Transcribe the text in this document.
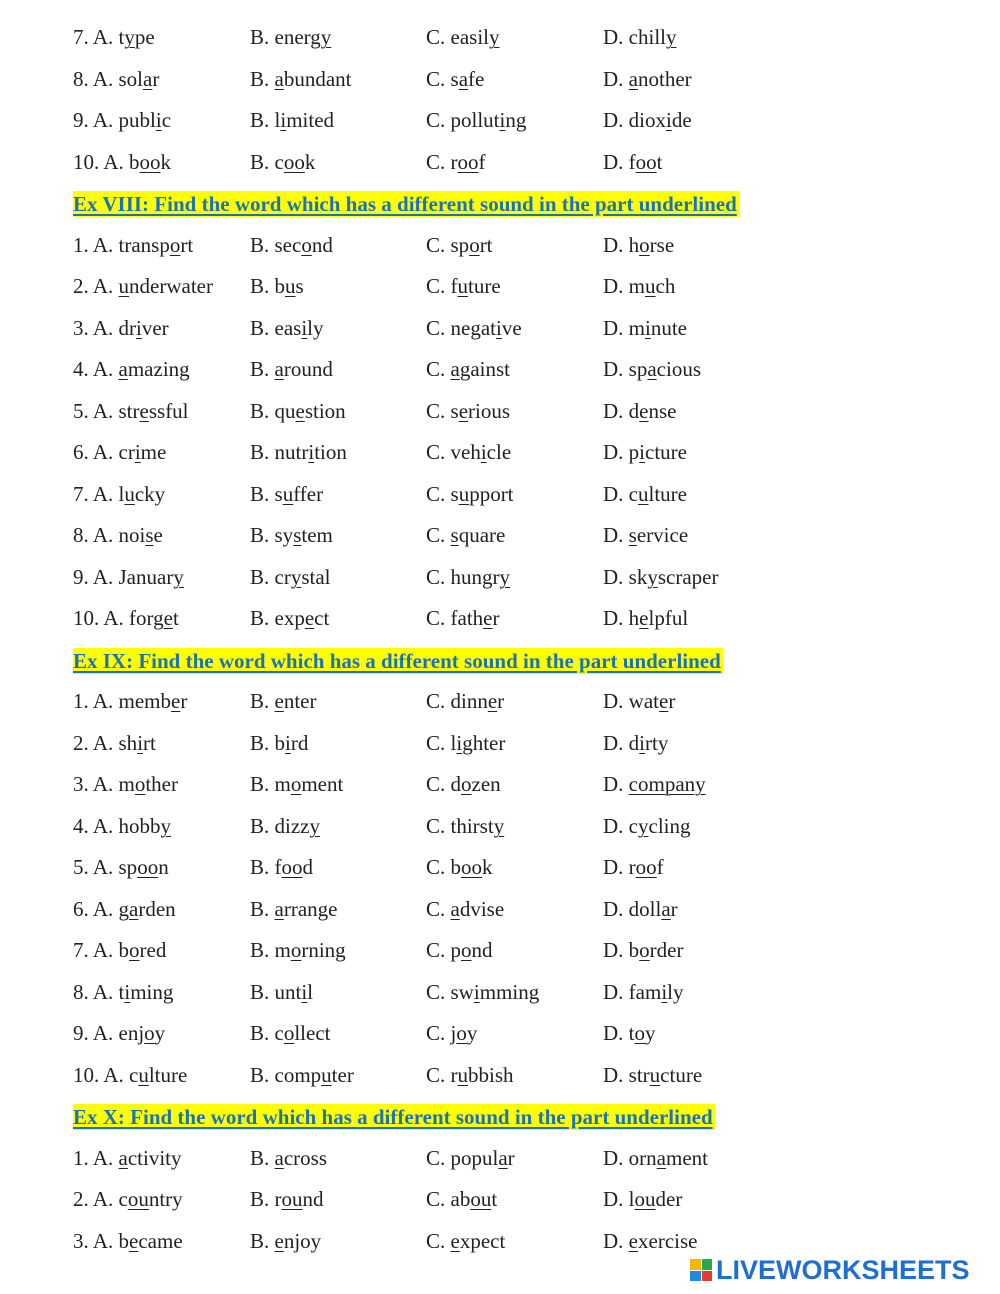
7. A. type	B. energy	C. easily	D. chilly
8. A. solar	B. abundant	C. safe	D. another
9. A. public	B. limited	C. polluting	D. dioxide
10. A. book	B. cook	C. roof	D. foot
Ex VIII: Find the word which has a different sound in the part underlined
1. A. transport	B. second	C. sport	D. horse
2. A. underwater B. bus	C. future	D. much
3. A. driver	B. easily	C. negative	D. minute
4. A. amazing	B. around	C. against	D. spacious
5. A. stressful	B. question	C. serious	D. dense
6. A. crime	B. nutrition	C. vehicle	D. picture
7. A. lucky	B. suffer	C. support	D. culture
8. A. noise	B. system	C. square	D. service
9. A. January	B. crystal	C. hungry	D. skyscraper
10. A. forget	B. expect	C. father	D. helpful
Ex IX: Find the word which has a different sound in the part underlined
1. A. member	B. enter	C. dinner	D. water
2. A. shirt	B. bird	C. lighter	D. dirty
3. A. mother	B. moment	C. dozen	D. company
4. A. hobby	B. dizzy	C. thirsty	D. cycling
5. A. spoon	B. food	C. book	D. roof
6. A. garden	B. arrange	C. advise	D. dollar
7. A. bored	B. morning	C. pond	D. border
8. A. timing	B. until	C. swimming	D. family
9. A. enjoy	B. collect	C. joy	D. toy
10. A. culture	B. computer	C. rubbish	D. structure
Ex X: Find the word which has a different sound in the part underlined
1. A. activity	B. across	C. popular	D. ornament
2. A. country	B. round	C. about	D. louder
3. A. became	B. enjoy	C. expect	D. exercise
LIVEWORKSHEETS
